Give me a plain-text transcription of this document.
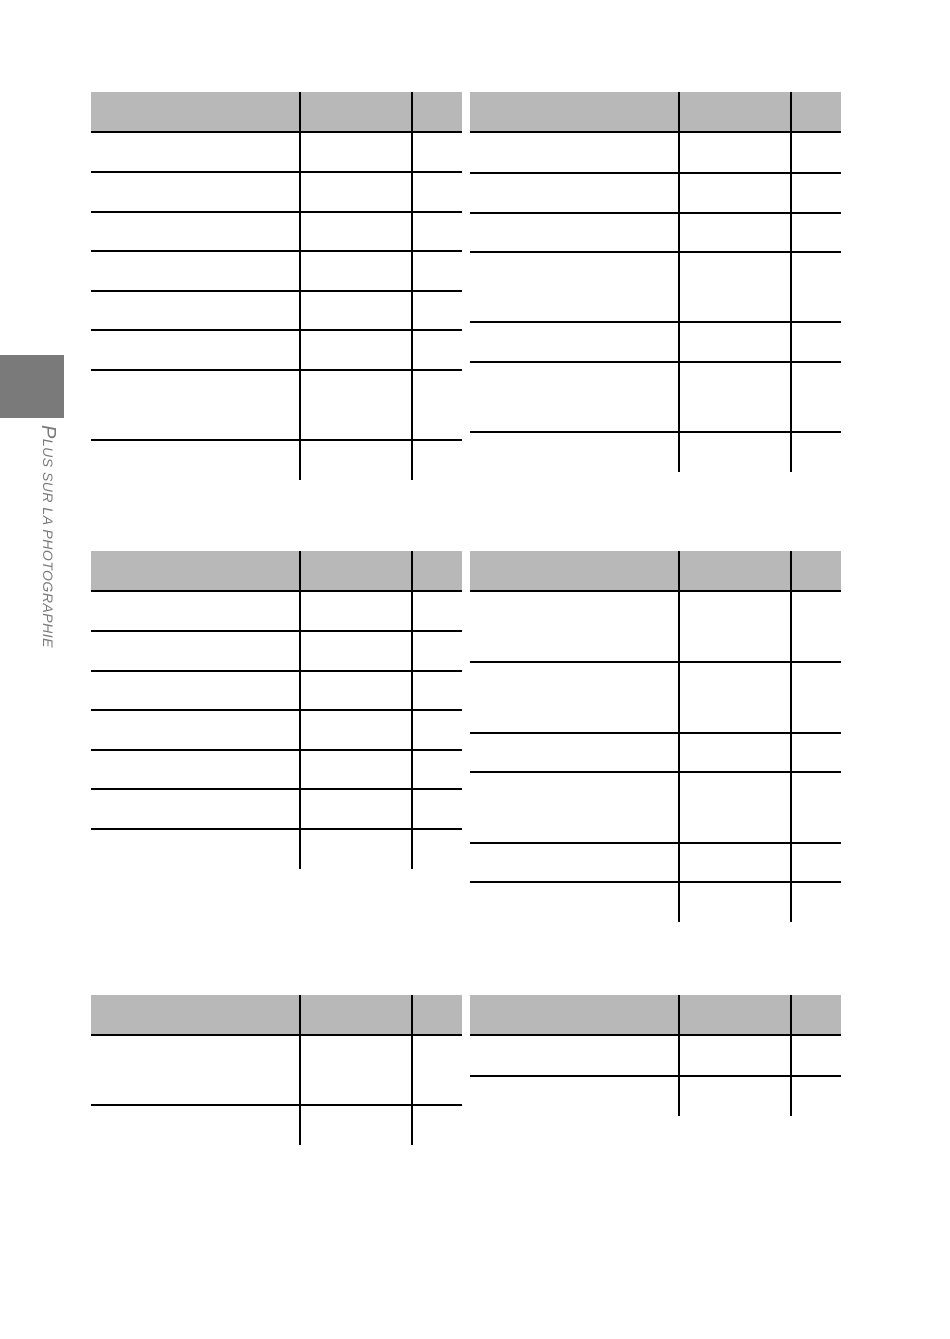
PLUS SUR LA PHOTOGRAPHIE
